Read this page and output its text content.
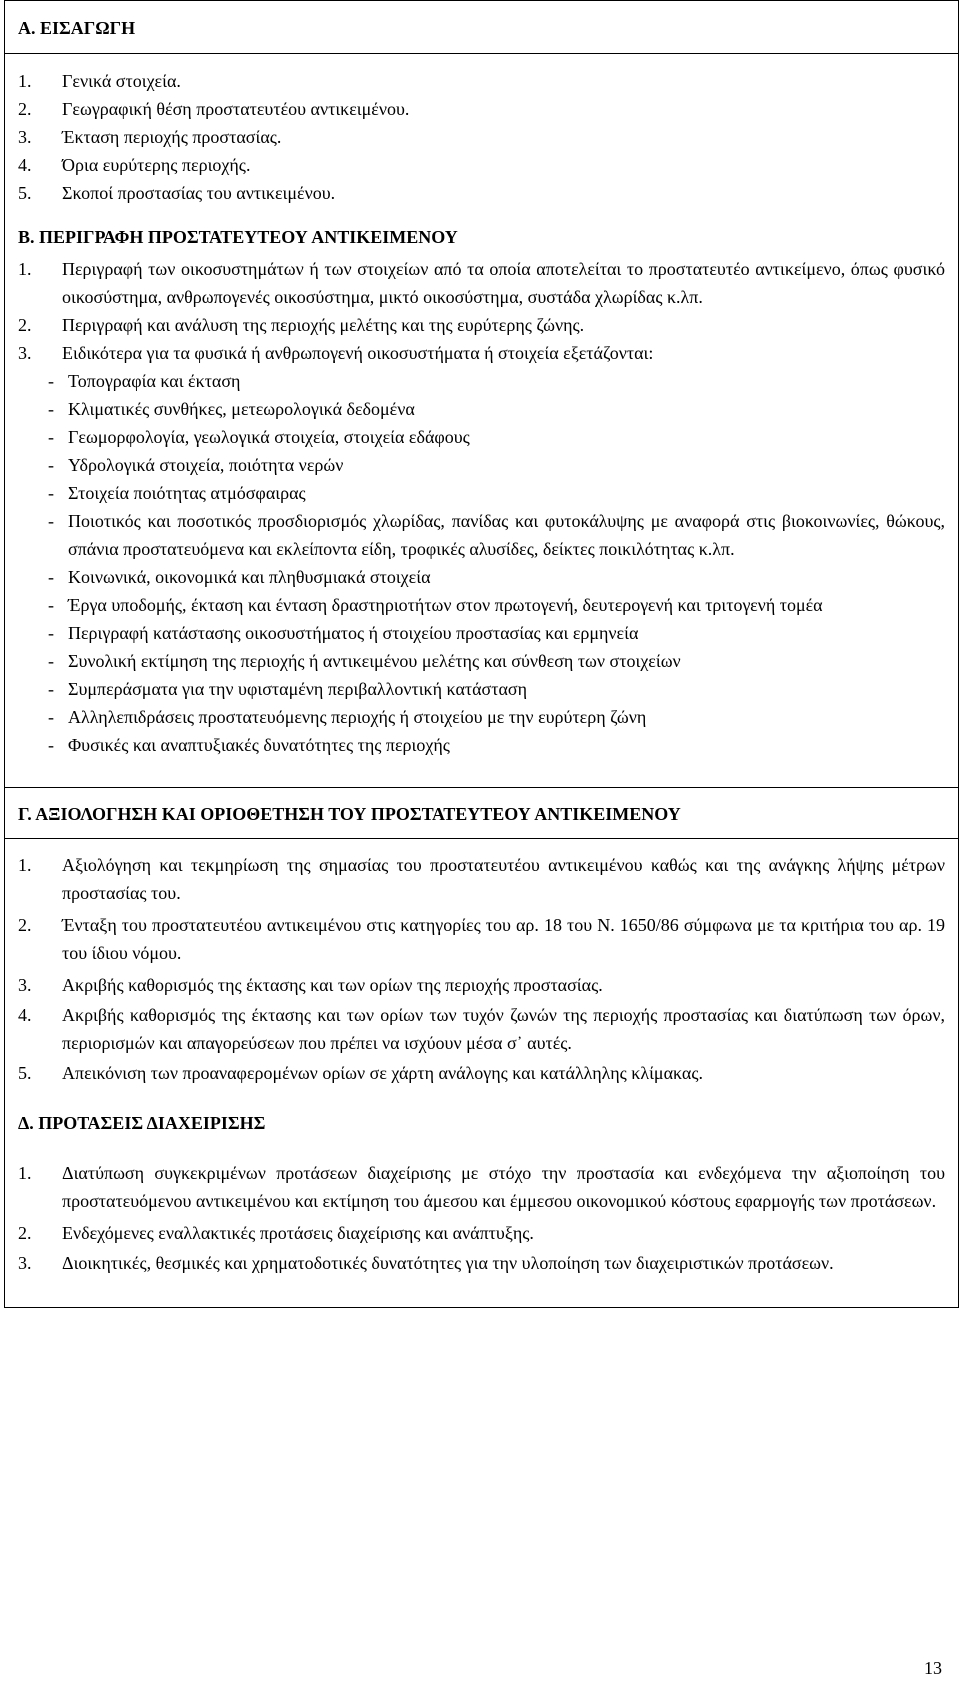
Α. ΕΙΣΑΓΩΓΗ
1. Γενικά στοιχεία.
2. Γεωγραφική θέση προστατευτέου αντικειμένου.
3. Έκταση περιοχής προστασίας.
4. Όρια ευρύτερης περιοχής.
5. Σκοποί προστασίας του αντικειμένου.
Β. ΠΕΡΙΓΡΑΦΗ ΠΡΟΣΤΑΤΕΥΤΕΟΥ ΑΝΤΙΚΕΙΜΕΝΟΥ
1. Περιγραφή των οικοσυστημάτων ή των στοιχείων από τα οποία αποτελείται το προστατευτέο αντικείμενο, όπως φυσικό οικοσύστημα, ανθρωπογενές οικοσύστημα, μικτό οικοσύστημα, συστάδα χλωρίδας κ.λπ.
2. Περιγραφή και ανάλυση της περιοχής μελέτης και της ευρύτερης ζώνης.
3. Ειδικότερα για τα φυσικά ή ανθρωπογενή οικοσυστήματα ή στοιχεία εξετάζονται:
- Τοπογραφία και έκταση
- Κλιματικές συνθήκες, μετεωρολογικά δεδομένα
- Γεωμορφολογία, γεωλογικά στοιχεία, στοιχεία εδάφους
- Υδρολογικά στοιχεία, ποιότητα νερών
- Στοιχεία ποιότητας ατμόσφαιρας
- Ποιοτικός και ποσοτικός προσδιορισμός χλωρίδας, πανίδας και φυτοκάλυψης με αναφορά στις βιοκοινωνίες, θώκους, σπάνια προστατευόμενα και εκλείποντα είδη, τροφικές αλυσίδες, δείκτες ποικιλότητας κ.λπ.
- Κοινωνικά, οικονομικά και πληθυσμιακά στοιχεία
- Έργα υποδομής, έκταση και ένταση δραστηριοτήτων στον πρωτογενή, δευτερογενή και τριτογενή τομέα
- Περιγραφή κατάστασης οικοσυστήματος ή στοιχείου προστασίας και ερμηνεία
- Συνολική εκτίμηση της περιοχής ή αντικειμένου μελέτης και σύνθεση των στοιχείων
- Συμπεράσματα για την υφισταμένη περιβαλλοντική κατάσταση
- Αλληλεπιδράσεις προστατευόμενης περιοχής ή στοιχείου με την ευρύτερη ζώνη
- Φυσικές και αναπτυξιακές δυνατότητες της περιοχής
Γ. ΑΞΙΟΛΟΓΗΣΗ ΚΑΙ ΟΡΙΟΘΕΤΗΣΗ ΤΟΥ ΠΡΟΣΤΑΤΕΥΤΕΟΥ ΑΝΤΙΚΕΙΜΕΝΟΥ
1. Αξιολόγηση και τεκμηρίωση της σημασίας του προστατευτέου αντικειμένου καθώς και της ανάγκης λήψης μέτρων προστασίας του.
2. Ένταξη του προστατευτέου αντικειμένου στις κατηγορίες του αρ. 18 του Ν. 1650/86 σύμφωνα με τα κριτήρια του αρ. 19 του ίδιου νόμου.
3. Ακριβής καθορισμός της έκτασης και των ορίων της περιοχής προστασίας.
4. Ακριβής καθορισμός της έκτασης και των ορίων των τυχόν ζωνών της περιοχής προστασίας και διατύπωση των όρων, περιορισμών και απαγορεύσεων που πρέπει να ισχύουν μέσα σ᾽ αυτές.
5. Απεικόνιση των προαναφερομένων ορίων σε χάρτη ανάλογης και κατάλληλης κλίμακας.
Δ. ΠΡΟΤΑΣΕΙΣ ΔΙΑΧΕΙΡΙΣΗΣ
1. Διατύπωση συγκεκριμένων προτάσεων διαχείρισης με στόχο την προστασία και ενδεχόμενα την αξιοποίηση του προστατευόμενου αντικειμένου και εκτίμηση του άμεσου και έμμεσου οικονομικού κόστους εφαρμογής των προτάσεων.
2. Ενδεχόμενες εναλλακτικές προτάσεις διαχείρισης και ανάπτυξης.
3. Διοικητικές, θεσμικές και χρηματοδοτικές δυνατότητες για την υλοποίηση των διαχειριστικών προτάσεων.
13
